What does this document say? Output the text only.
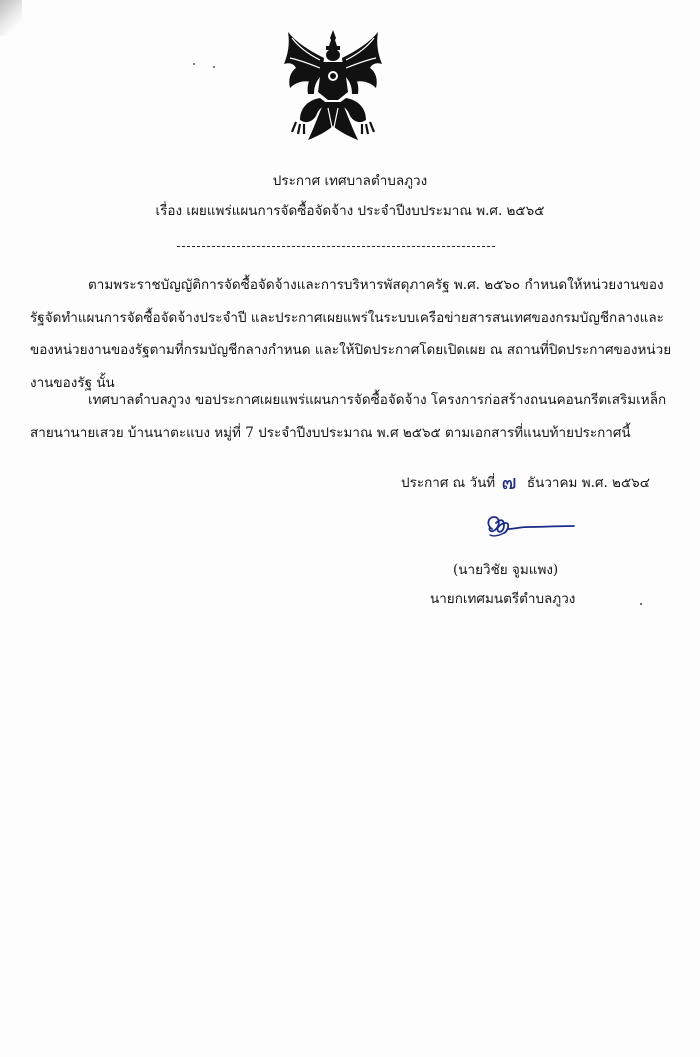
ประกาศ เทศบาลตำบลภูวง
เรื่อง เผยแพร่แผนการจัดซื้อจัดจ้าง ประจำปีงบประมาณ พ.ศ. ๒๕๖๕
ตามพระราชบัญญัติการจัดซื้อจัดจ้างและการบริหารพัสดุภาครัฐ พ.ศ. ๒๕๖๐ กำหนดให้หน่วยงานของรัฐจัดทำแผนการจัดซื้อจัดจ้างประจำปี และประกาศเผยแพร่ในระบบเครือข่ายสารสนเทศของกรมบัญชีกลางและของหน่วยงานของรัฐตามที่กรมบัญชีกลางกำหนด และให้ปิดประกาศโดยเปิดเผย ณ สถานที่ปิดประกาศของหน่วยงานของรัฐ นั้น
เทศบาลตำบลภูวง ขอประกาศเผยแพร่แผนการจัดซื้อจัดจ้าง โครงการก่อสร้างถนนคอนกรีตเสริมเหล็ก สายนานายเสวย บ้านนาตะแบง หมู่ที่ 7 ประจำปีงบประมาณ พ.ศ ๒๕๖๕ ตามเอกสารที่แนบท้ายประกาศนี้
ประกาศ ณ วันที่ ๗ ธันวาคม พ.ศ. ๒๕๖๔
(นายวิชัย จูมแพง)
นายกเทศมนตรีตำบลภูวง
